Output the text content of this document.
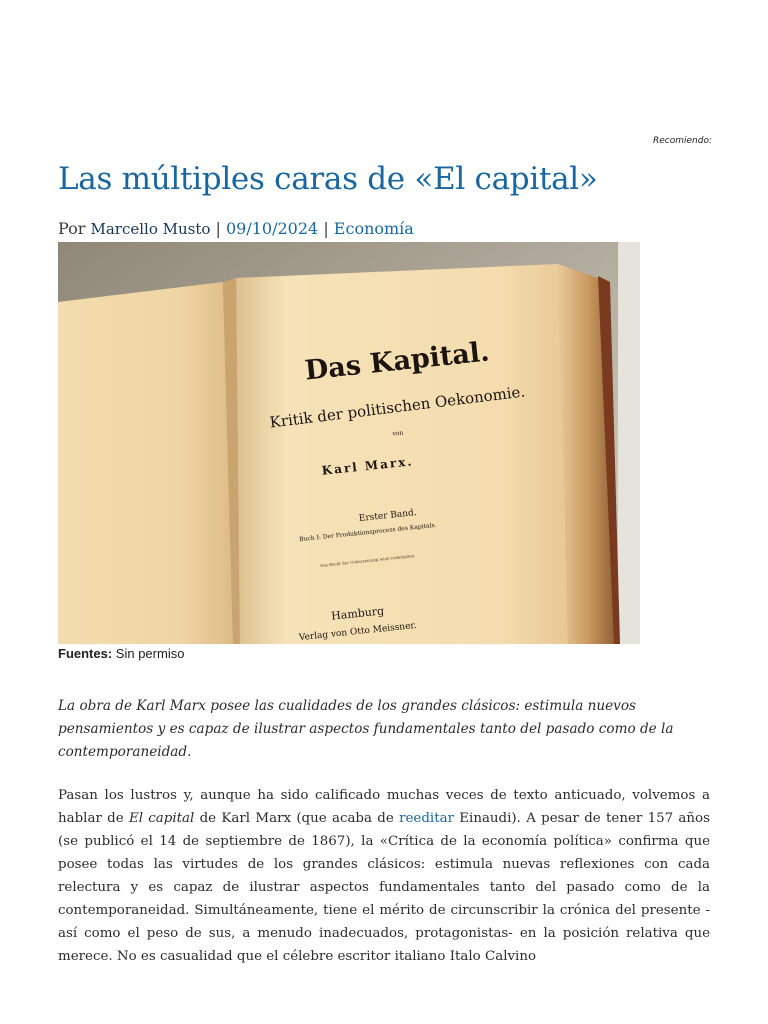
Recomiendo:
Las múltiples caras de «El capital»
Por Marcello Musto | 09/10/2024 | Economía
Das Kapital.
Kritik der politischen Oekonomie.
von
Karl Marx.
Erster Band.
Buch I: Der Produktionsprocess des Kapitals.
Das Recht der Uebersetzung wird vorbehalten.
Hamburg
Verlag von Otto Meissner.
Fuentes: Sin permiso

La obra de Karl Marx posee las cualidades de los grandes clásicos: estimula nuevos pensamientos y es capaz de ilustrar aspectos fundamentales tanto del pasado como de la contemporaneidad.

Pasan los lustros y, aunque ha sido calificado muchas veces de texto anticuado, volvemos a hablar de El capital de Karl Marx (que acaba de reeditar Einaudi). A pesar de tener 157 años (se publicó el 14 de septiembre de 1867), la «Crítica de la economía política» confirma que posee todas las virtudes de los grandes clásicos: estimula nuevas reflexiones con cada relectura y es capaz de ilustrar aspectos fundamentales tanto del pasado como de la contemporaneidad. Simultáneamente, tiene el mérito de circunscribir la crónica del presente -así como el peso de sus, a menudo inadecuados, protagonistas- en la posición relativa que merece. No es casualidad que el célebre escritor italiano Italo Calvino
